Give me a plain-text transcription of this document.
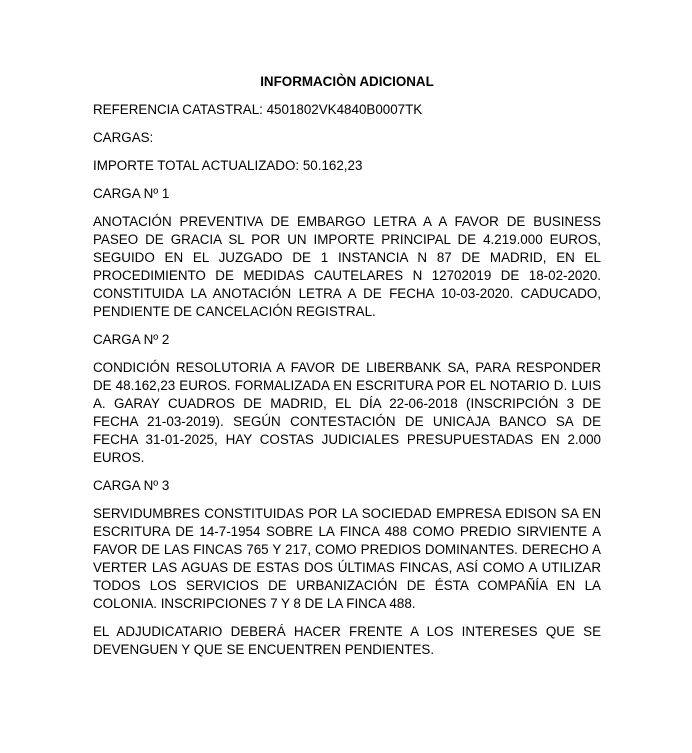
INFORMACIÒN ADICIONAL
REFERENCIA CATASTRAL: 4501802VK4840B0007TK
CARGAS:
IMPORTE TOTAL ACTUALIZADO: 50.162,23
CARGA Nº 1
ANOTACIÓN PREVENTIVA DE EMBARGO LETRA A A FAVOR DE BUSINESS PASEO DE GRACIA SL POR UN IMPORTE PRINCIPAL DE 4.219.000 EUROS, SEGUIDO EN EL JUZGADO DE 1 INSTANCIA N 87 DE MADRID, EN EL PROCEDIMIENTO DE MEDIDAS CAUTELARES N 12702019 DE 18-02-2020. CONSTITUIDA LA ANOTACIÓN LETRA A DE FECHA 10-03-2020. CADUCADO, PENDIENTE DE CANCELACIÓN REGISTRAL.
CARGA Nº 2
CONDICIÓN RESOLUTORIA A FAVOR DE LIBERBANK SA, PARA RESPONDER DE 48.162,23 EUROS. FORMALIZADA EN ESCRITURA POR EL NOTARIO D. LUIS A. GARAY CUADROS DE MADRID, EL DÍA 22-06-2018 (INSCRIPCIÓN 3 DE FECHA 21-03-2019). SEGÚN CONTESTACIÓN DE UNICAJA BANCO SA DE FECHA 31-01-2025, HAY COSTAS JUDICIALES PRESUPUESTADAS EN 2.000 EUROS.
CARGA Nº 3
SERVIDUMBRES CONSTITUIDAS POR LA SOCIEDAD EMPRESA EDISON SA EN ESCRITURA DE 14-7-1954 SOBRE LA FINCA 488 COMO PREDIO SIRVIENTE A FAVOR DE LAS FINCAS 765 Y 217, COMO PREDIOS DOMINANTES. DERECHO A VERTER LAS AGUAS DE ESTAS DOS ÚLTIMAS FINCAS, ASÍ COMO A UTILIZAR TODOS LOS SERVICIOS DE URBANIZACIÓN DE ÉSTA COMPAÑÍA EN LA COLONIA. INSCRIPCIONES 7 Y 8 DE LA FINCA 488.
EL ADJUDICATARIO DEBERÁ HACER FRENTE A LOS INTERESES QUE SE DEVENGUEN Y QUE SE ENCUENTREN PENDIENTES.
